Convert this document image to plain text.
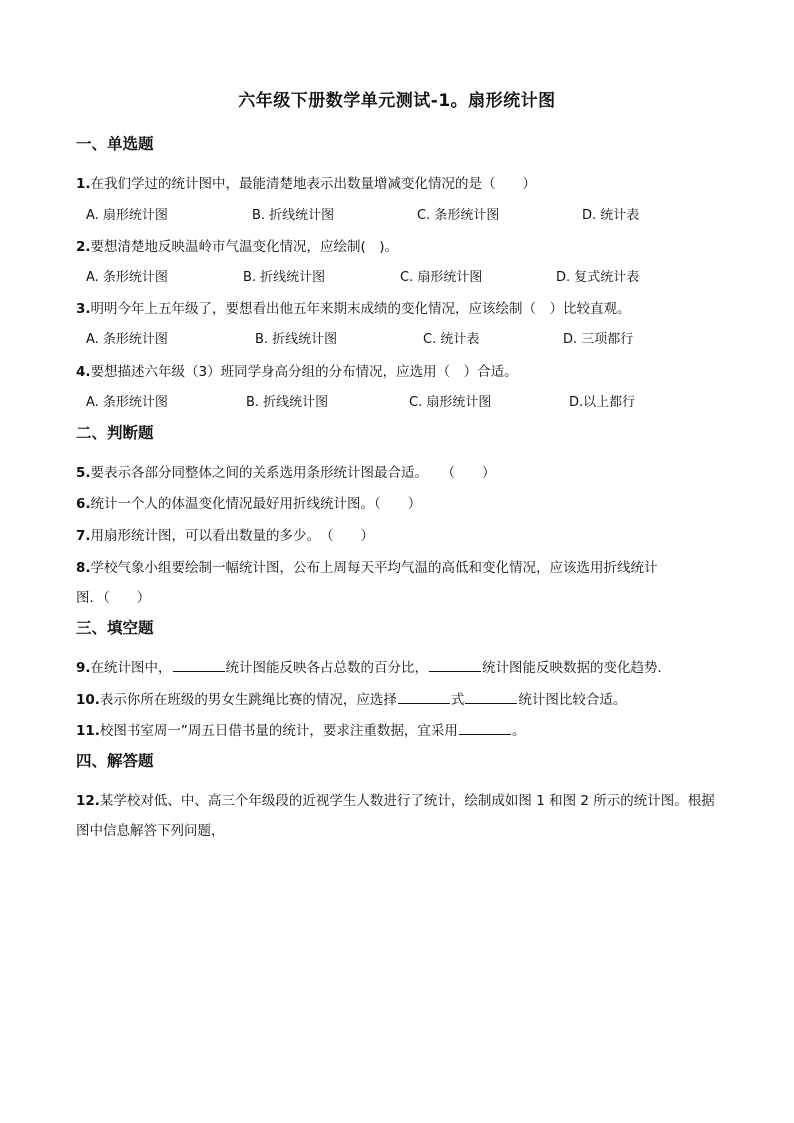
六年级下册数学单元测试-1。扇形统计图
一、单选题
1.在我们学过的统计图中，最能清楚地表示出数量增减变化情况的是（　　）
A. 扇形统计图	B. 折线统计图	C. 条形统计图	D. 统计表
2.要想清楚地反映温岭市气温变化情况，应绘制(　)。
A. 条形统计图	B. 折线统计图	C. 扇形统计图	D. 复式统计表
3.明明今年上五年级了，要想看出他五年来期末成绩的变化情况，应该绘制（　）比较直观。
A. 条形统计图	B. 折线统计图	C. 统计表	D. 三项都行
4.要想描述六年级（3）班同学身高分组的分布情况，应选用（　）合适。
A. 条形统计图	B. 折线统计图	C. 扇形统计图	D.以上都行
二、判断题
5.要表示各部分同整体之间的关系选用条形统计图最合适。　　（　　）
6.统计一个人的体温变化情况最好用折线统计图。（　　）
7.用扇形统计图，可以看出数量的多少。　（　　）
8.学校气象小组要绘制一幅统计图，公布上周每天平均气温的高低和变化情况，应该选用折线统计
图．（　　）
三、填空题
9.在统计图中，	统计图能反映各占总数的百分比，	统计图能反映数据的变化趋势．
10.表示你所在班级的男女生跳绳比赛的情况，应选择	式	统计图比较合适。
11.校图书室周一”周五日借书量的统计，要求注重数据，宜采用	。
四、解答题
12.某学校对低、中、高三个年级段的近视学生人数进行了统计，绘制成如图 1 和图 2 所示的统计图。根据
图中信息解答下列问题，
